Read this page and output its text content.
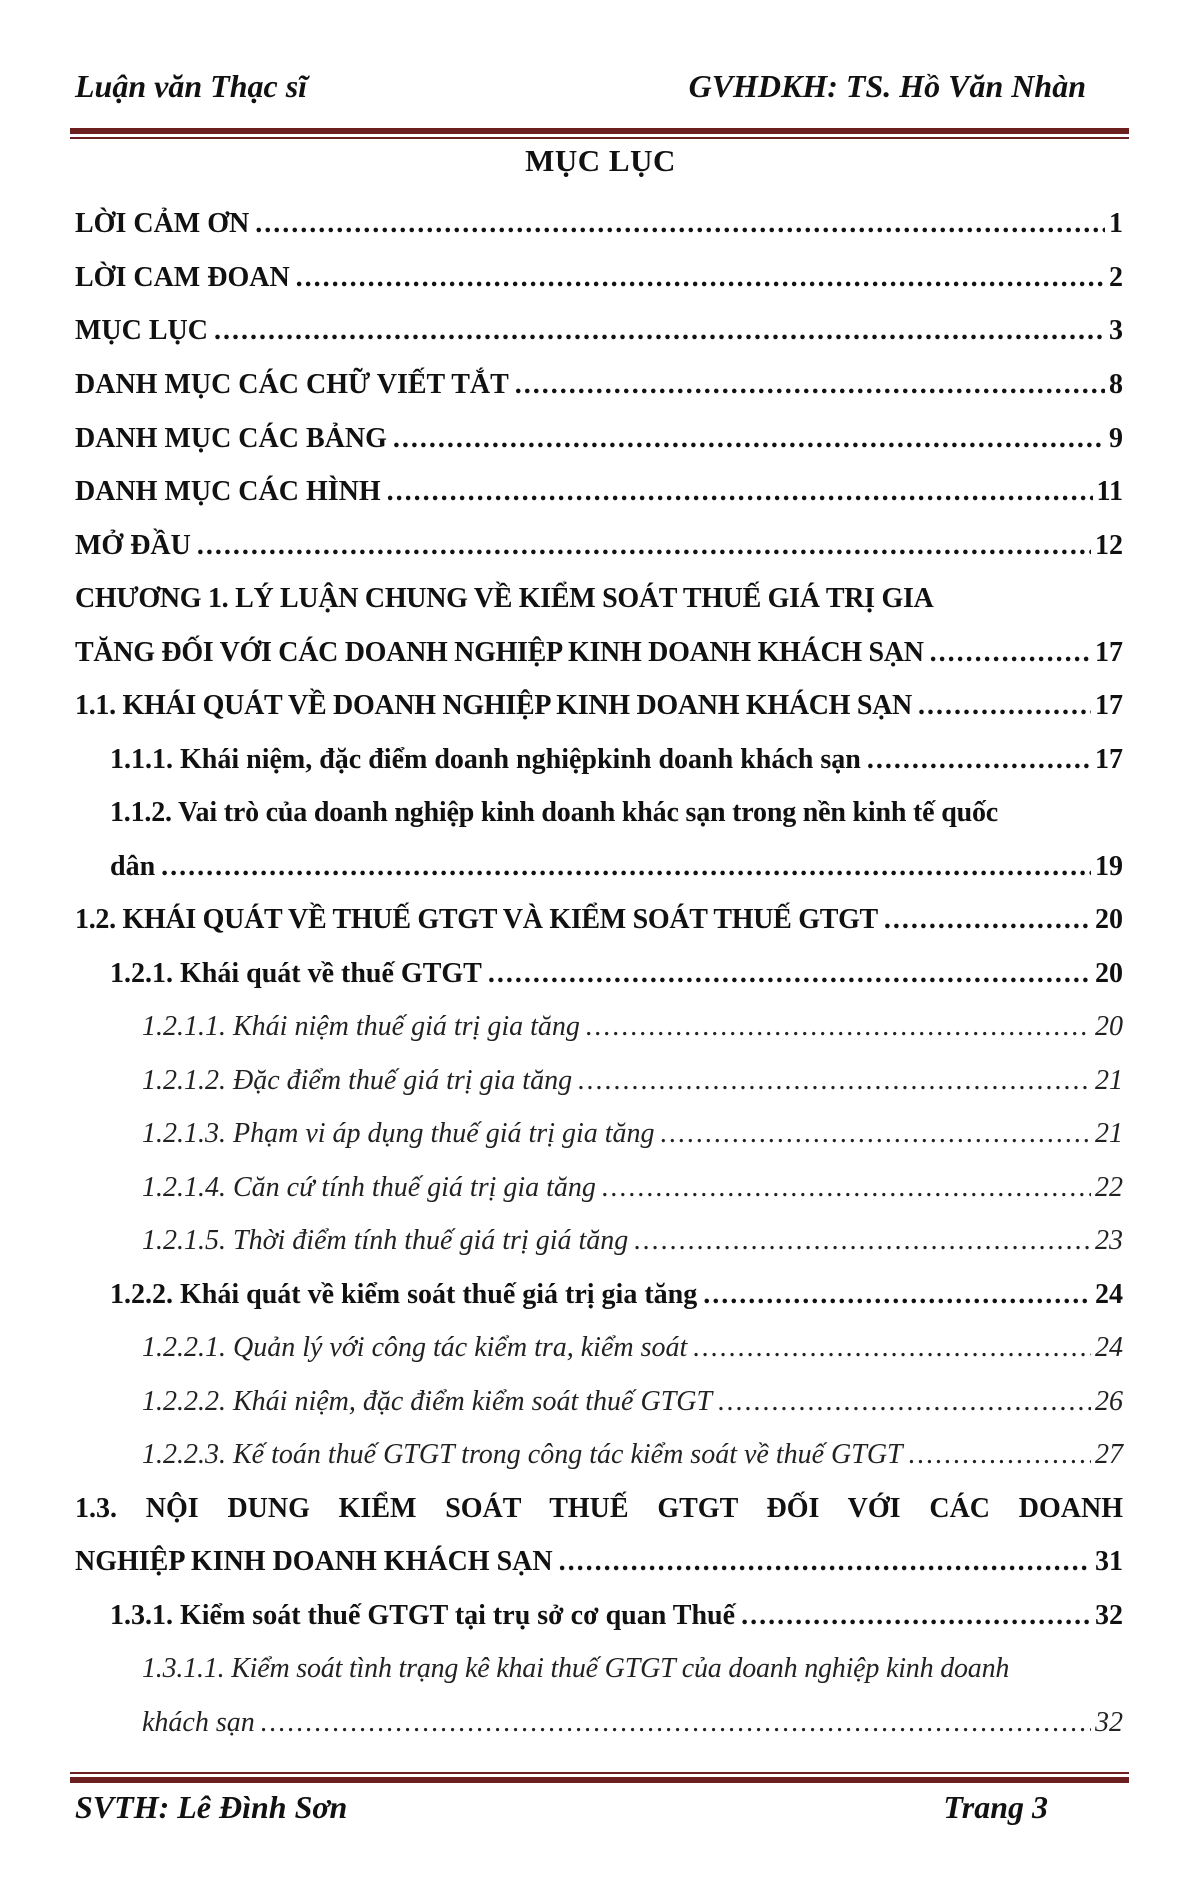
Luận văn Thạc sĩ	GVHDKH: TS. Hồ Văn Nhàn
MỤC LỤC
LỜI CẢM ƠN .....	1
LỜI CAM ĐOAN .....	2
MỤC LỤC .....	3
DANH MỤC CÁC CHỮ VIẾT TẮT .....	8
DANH MỤC CÁC BẢNG .....	9
DANH MỤC CÁC HÌNH .....	11
MỞ ĐẦU .....	12
CHƯƠNG 1. LÝ LUẬN CHUNG VỀ KIỂM SOÁT THUẾ GIÁ TRỊ GIA
TĂNG ĐỐI VỚI CÁC DOANH NGHIỆP KINH DOANH KHÁCH SẠN .....	17
1.1. KHÁI QUÁT VỀ DOANH NGHIỆP KINH DOANH KHÁCH SẠN .....	17
1.1.1. Khái niệm, đặc điểm doanh nghiệpkinh doanh khách sạn .....	17
1.1.2. Vai trò của doanh nghiệp kinh doanh khác sạn trong nền kinh tế quốc
dân .....	19
1.2. KHÁI QUÁT VỀ THUẾ GTGT VÀ KIỂM SOÁT THUẾ GTGT .....	20
1.2.1. Khái quát về thuế GTGT .....	20
1.2.1.1. Khái niệm thuế giá trị gia tăng .....	20
1.2.1.2. Đặc điểm thuế giá trị gia tăng .....	21
1.2.1.3. Phạm vi áp dụng thuế giá trị gia tăng .....	21
1.2.1.4. Căn cứ tính thuế giá trị gia tăng .....	22
1.2.1.5. Thời điểm tính thuế giá trị giá tăng .....	23
1.2.2. Khái quát về kiểm soát thuế giá trị gia tăng .....	24
1.2.2.1. Quản lý với công tác kiểm tra, kiểm soát .....	24
1.2.2.2. Khái niệm, đặc điểm kiểm soát thuế GTGT .....	26
1.2.2.3. Kế toán thuế GTGT trong công tác kiểm soát về thuế GTGT .....	27
1.3. NỘI DUNG KIỂM SOÁT THUẾ GTGT ĐỐI VỚI CÁC DOANH
NGHIỆP KINH DOANH KHÁCH SẠN .....	31
1.3.1. Kiểm soát thuế GTGT tại trụ sở cơ quan Thuế .....	32
1.3.1.1. Kiểm soát tình trạng kê khai thuế GTGT của doanh nghiệp kinh doanh
khách sạn .....	32
SVTH: Lê Đình Sơn	Trang 3
